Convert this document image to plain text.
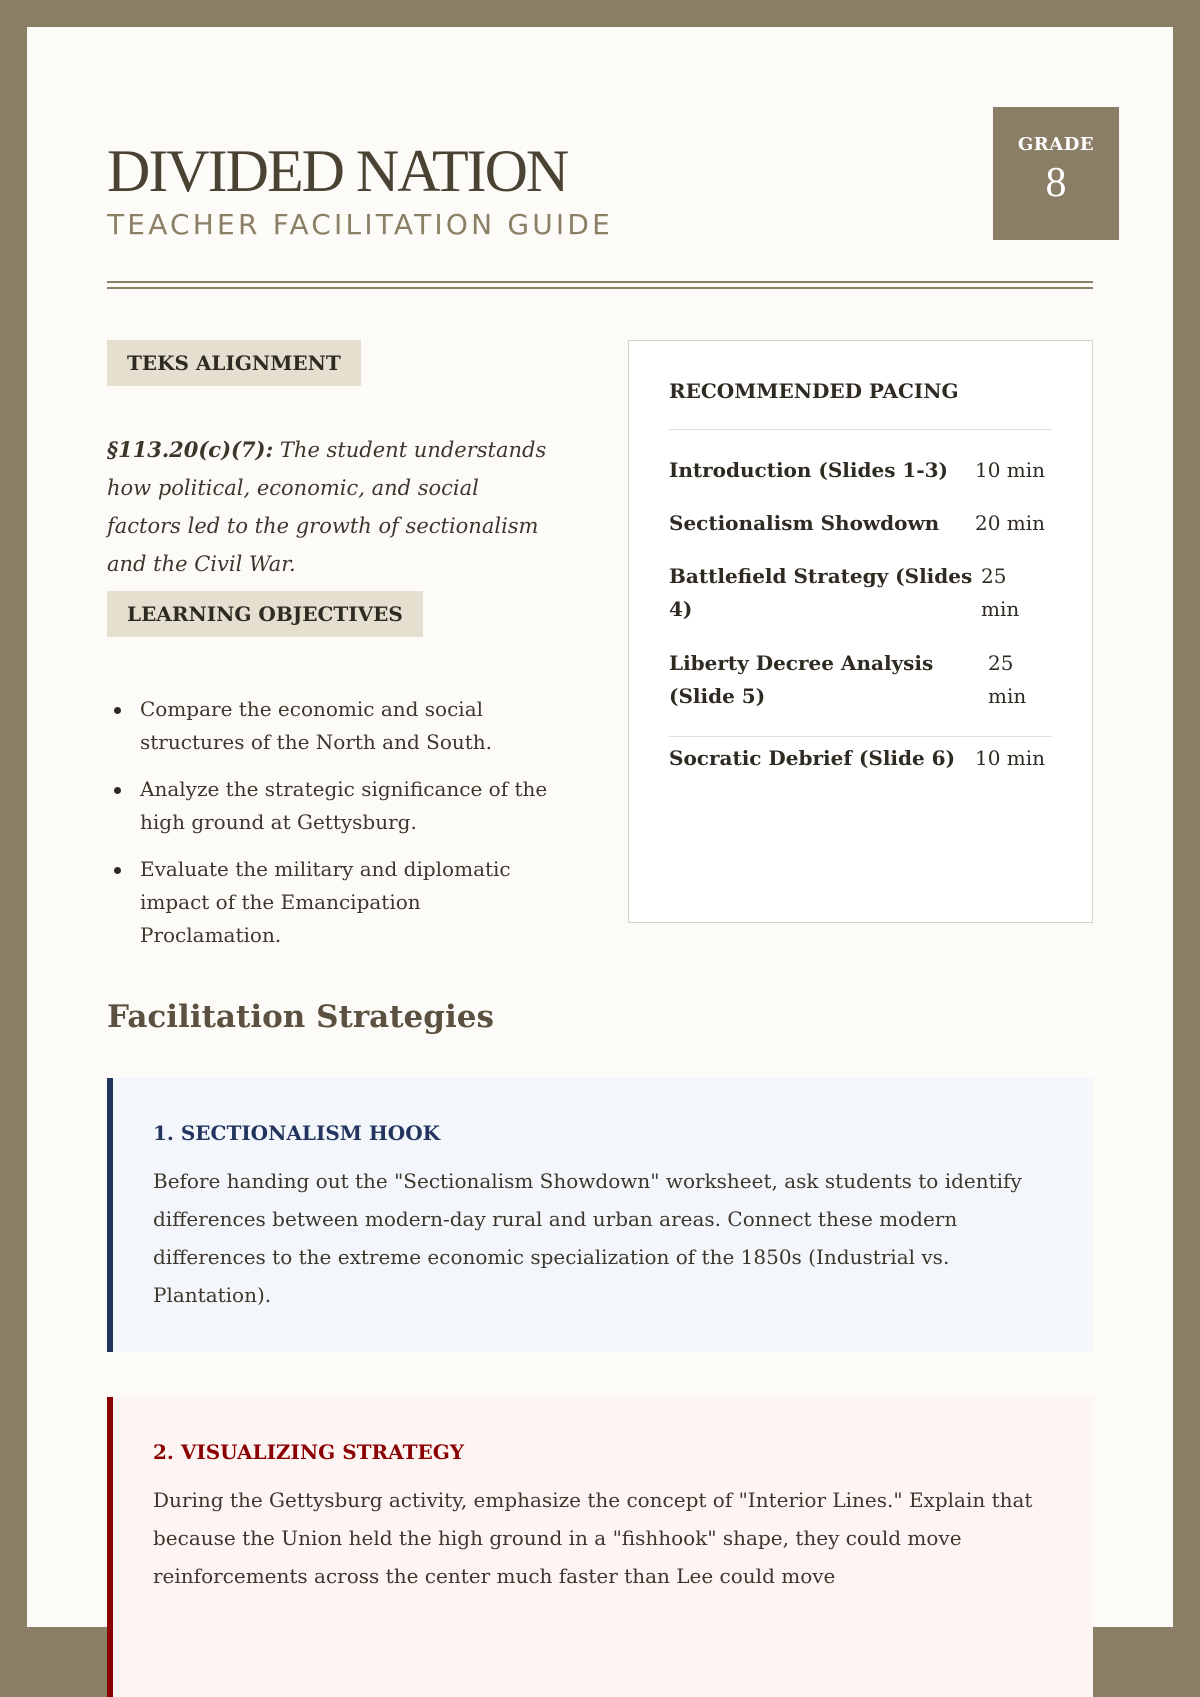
DIVIDED NATION
TEACHER FACILITATION GUIDE
GRADE
8
TEKS ALIGNMENT
§113.20(c)(7): The student understands how political, economic, and social factors led to the growth of sectionalism and the Civil War.
LEARNING OBJECTIVES
Compare the economic and social structures of the North and South.
Analyze the strategic significance of the high ground at Gettysburg.
Evaluate the military and diplomatic impact of the Emancipation Proclamation.
RECOMMENDED PACING
Introduction (Slides 1-3)	10 min
Sectionalism Showdown	20 min
Battlefield Strategy (Slides 4)
25 min
Liberty Decree Analysis (Slide 5)
25 min
Socratic Debrief (Slide 6) 10 min
Facilitation Strategies
1. SECTIONALISM HOOK
Before handing out the "Sectionalism Showdown" worksheet, ask students to identify differences between modern-day rural and urban areas. Connect these modern differences to the extreme economic specialization of the 1850s (Industrial vs. Plantation).
2. VISUALIZING STRATEGY
During the Gettysburg activity, emphasize the concept of "Interior Lines." Explain that because the Union held the high ground in a "fishhook" shape, they could move reinforcements across the center much faster than Lee could move
